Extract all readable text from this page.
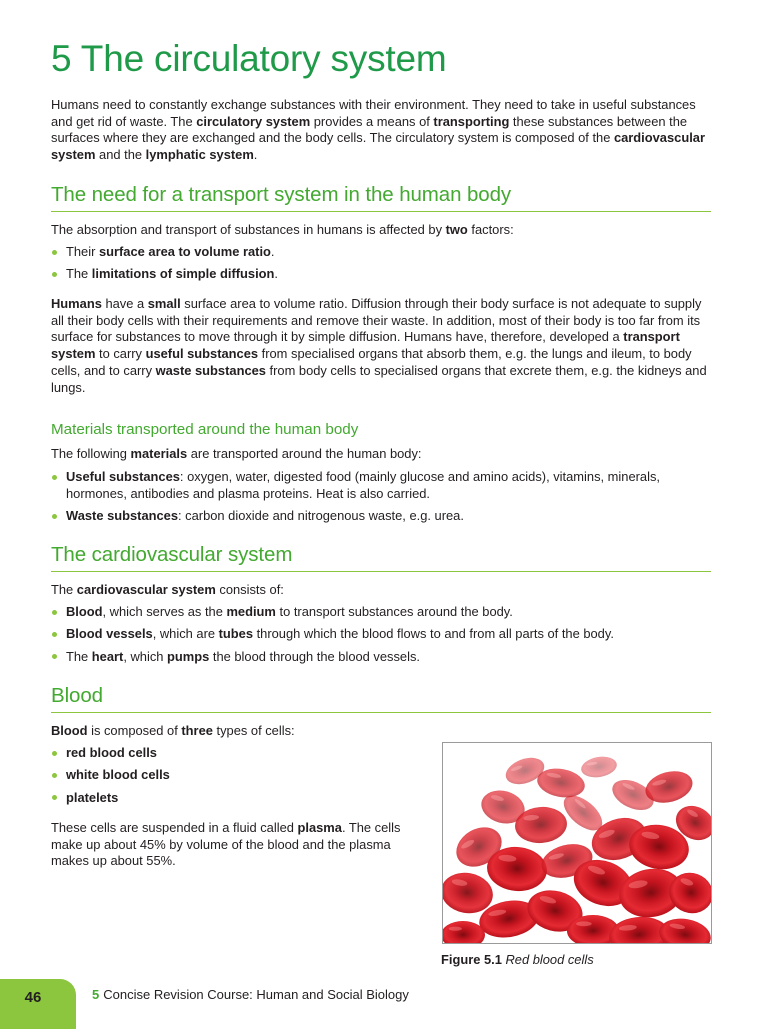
5 The circulatory system

Humans need to constantly exchange substances with their environment. They need to take in useful substances and get rid of waste. The circulatory system provides a means of transporting these substances between the surfaces where they are exchanged and the body cells. The circulatory system is composed of the cardiovascular system and the lymphatic system.

The need for a transport system in the human body

The absorption and transport of substances in humans is affected by two factors:

Their surface area to volume ratio.
The limitations of simple diffusion.

Humans have a small surface area to volume ratio. Diffusion through their body surface is not adequate to supply all their body cells with their requirements and remove their waste. In addition, most of their body is too far from its surface for substances to move through it by simple diffusion. Humans have, therefore, developed a transport system to carry useful substances from specialised organs that absorb them, e.g. the lungs and ileum, to body cells, and to carry waste substances from body cells to specialised organs that excrete them, e.g. the kidneys and lungs.

Materials transported around the human body

The following materials are transported around the human body:

Useful substances: oxygen, water, digested food (mainly glucose and amino acids), vitamins, minerals, hormones, antibodies and plasma proteins. Heat is also carried.
Waste substances: carbon dioxide and nitrogenous waste, e.g. urea.
The cardiovascular system

The cardiovascular system consists of:

Blood, which serves as the medium to transport substances around the body.
Blood vessels, which are tubes through which the blood flows to and from all parts of the body.
The heart, which pumps the blood through the blood vessels.
Blood

Blood is composed of three types of cells:

red blood cells
white blood cells
platelets

These cells are suspended in a fluid called plasma. The cells make up about 45% by volume of the blood and the plasma makes up about 55%.

Figure 5.1 Red blood cells

46	5 Concise Revision Course: Human and Social Biology
